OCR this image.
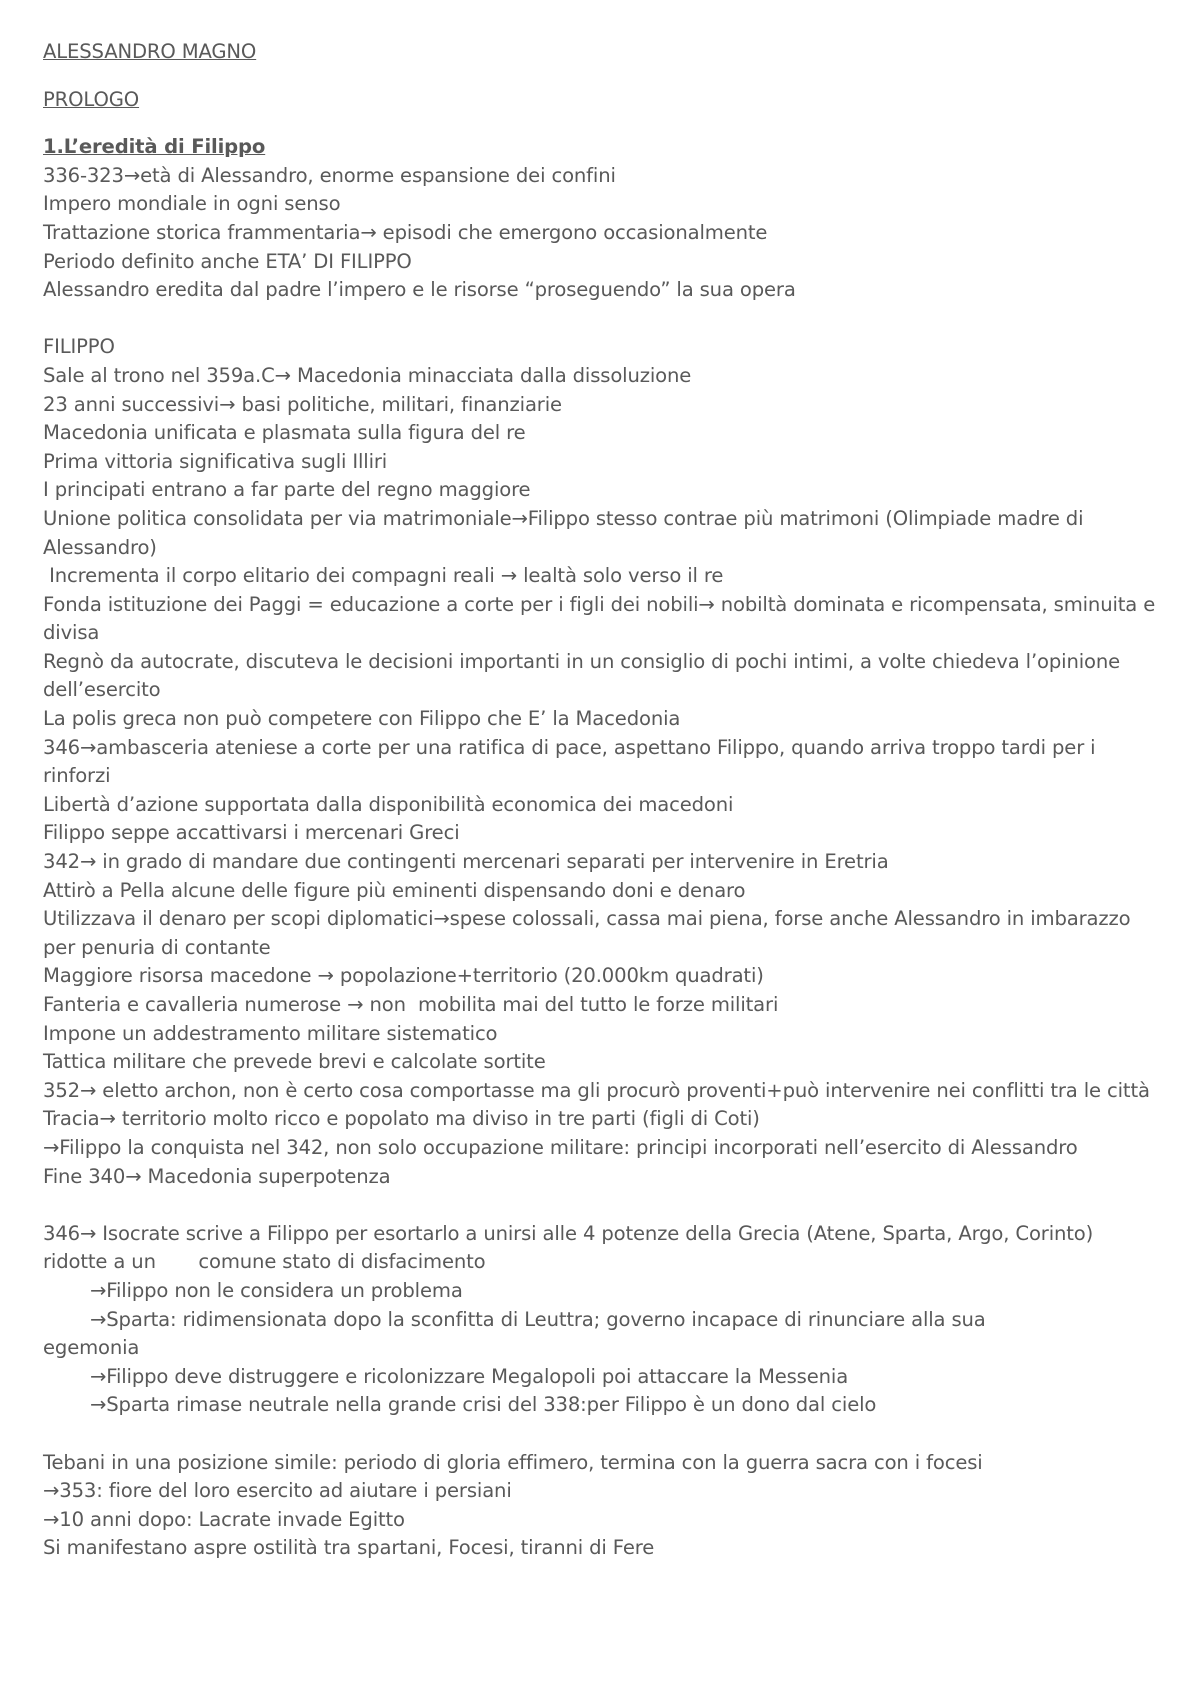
ALESSANDRO MAGNO
PROLOGO
1.L’eredità di Filippo
336-323→età di Alessandro, enorme espansione dei confini
Impero mondiale in ogni senso
Trattazione storica frammentaria→ episodi che emergono occasionalmente
Periodo definito anche ETA’ DI FILIPPO
Alessandro eredita dal padre l’impero e le risorse “proseguendo” la sua opera
FILIPPO
Sale al trono nel 359a.C→ Macedonia minacciata dalla dissoluzione
23 anni successivi→ basi politiche, militari, finanziarie
Macedonia unificata e plasmata sulla figura del re
Prima vittoria significativa sugli Illiri
I principati entrano a far parte del regno maggiore
Unione politica consolidata per via matrimoniale→Filippo stesso contrae più matrimoni (Olimpiade madre di Alessandro)
Incrementa il corpo elitario dei compagni reali → lealtà solo verso il re
Fonda istituzione dei Paggi = educazione a corte per i figli dei nobili→ nobiltà dominata e ricompensata, sminuita e divisa
Regnò da autocrate, discuteva le decisioni importanti in un consiglio di pochi intimi, a volte chiedeva l’opinione dell’esercito
La polis greca non può competere con Filippo che E’ la Macedonia
346→ambasceria ateniese a corte per una ratifica di pace, aspettano Filippo, quando arriva troppo tardi per i rinforzi
Libertà d’azione supportata dalla disponibilità economica dei macedoni
Filippo seppe accattivarsi i mercenari Greci
342→ in grado di mandare due contingenti mercenari separati per intervenire in Eretria
Attirò a Pella alcune delle figure più eminenti dispensando doni e denaro
Utilizzava il denaro per scopi diplomatici→spese colossali, cassa mai piena, forse anche Alessandro in imbarazzo per penuria di contante
Maggiore risorsa macedone → popolazione+territorio (20.000km quadrati)
Fanteria e cavalleria numerose → non  mobilita mai del tutto le forze militari
Impone un addestramento militare sistematico
Tattica militare che prevede brevi e calcolate sortite
352→ eletto archon, non è certo cosa comportasse ma gli procurò proventi+può intervenire nei conflitti tra le città
Tracia→ territorio molto ricco e popolato ma diviso in tre parti (figli di Coti)
→Filippo la conquista nel 342, non solo occupazione militare: principi incorporati nell’esercito di Alessandro
Fine 340→ Macedonia superpotenza
346→ Isocrate scrive a Filippo per esortarlo a unirsi alle 4 potenze della Grecia (Atene, Sparta, Argo, Corinto) ridotte a un       comune stato di disfacimento
→Filippo non le considera un problema
→Sparta: ridimensionata dopo la sconfitta di Leuttra; governo incapace di rinunciare alla sua
egemonia
→Filippo deve distruggere e ricolonizzare Megalopoli poi attaccare la Messenia
→Sparta rimase neutrale nella grande crisi del 338:per Filippo è un dono dal cielo
Tebani in una posizione simile: periodo di gloria effimero, termina con la guerra sacra con i focesi
→353: fiore del loro esercito ad aiutare i persiani
→10 anni dopo: Lacrate invade Egitto
Si manifestano aspre ostilità tra spartani, Focesi, tiranni di Fere
